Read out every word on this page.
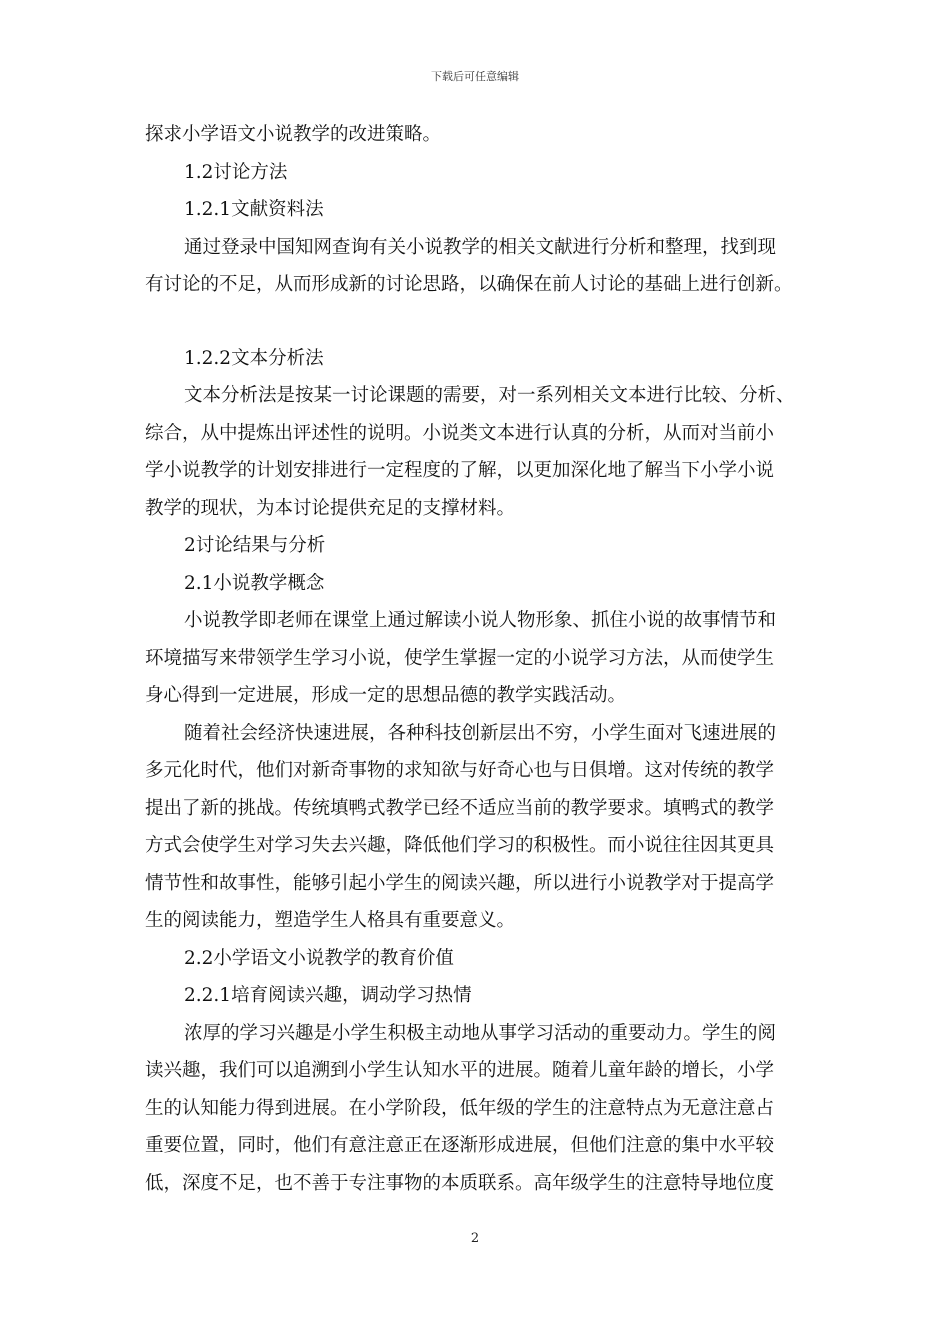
下载后可任意编辑
探求小学语文小说教学的改进策略。
1.2讨论方法
1.2.1文献资料法
通过登录中国知网查询有关小说教学的相关文献进行分析和整理，找到现
有讨论的不足，从而形成新的讨论思路，以确保在前人讨论的基础上进行创新。
1.2.2文本分析法
文本分析法是按某一讨论课题的需要，对一系列相关文本进行比较、分析、
综合，从中提炼出评述性的说明。小说类文本进行认真的分析，从而对当前小
学小说教学的计划安排进行一定程度的了解，以更加深化地了解当下小学小说
教学的现状，为本讨论提供充足的支撑材料。
2讨论结果与分析
2.1小说教学概念
小说教学即老师在课堂上通过解读小说人物形象、抓住小说的故事情节和
环境描写来带领学生学习小说，使学生掌握一定的小说学习方法，从而使学生
身心得到一定进展，形成一定的思想品德的教学实践活动。
随着社会经济快速进展，各种科技创新层出不穷，小学生面对飞速进展的
多元化时代，他们对新奇事物的求知欲与好奇心也与日俱增。这对传统的教学
提出了新的挑战。传统填鸭式教学已经不适应当前的教学要求。填鸭式的教学
方式会使学生对学习失去兴趣，降低他们学习的积极性。而小说往往因其更具
情节性和故事性，能够引起小学生的阅读兴趣，所以进行小说教学对于提高学
生的阅读能力，塑造学生人格具有重要意义。
2.2小学语文小说教学的教育价值
2.2.1培育阅读兴趣，调动学习热情
浓厚的学习兴趣是小学生积极主动地从事学习活动的重要动力。学生的阅
读兴趣，我们可以追溯到小学生认知水平的进展。随着儿童年龄的增长，小学
生的认知能力得到进展。在小学阶段，低年级的学生的注意特点为无意注意占
重要位置，同时，他们有意注意正在逐渐形成进展，但他们注意的集中水平较
低，深度不足，也不善于专注事物的本质联系。高年级学生的注意特导地位度
2
